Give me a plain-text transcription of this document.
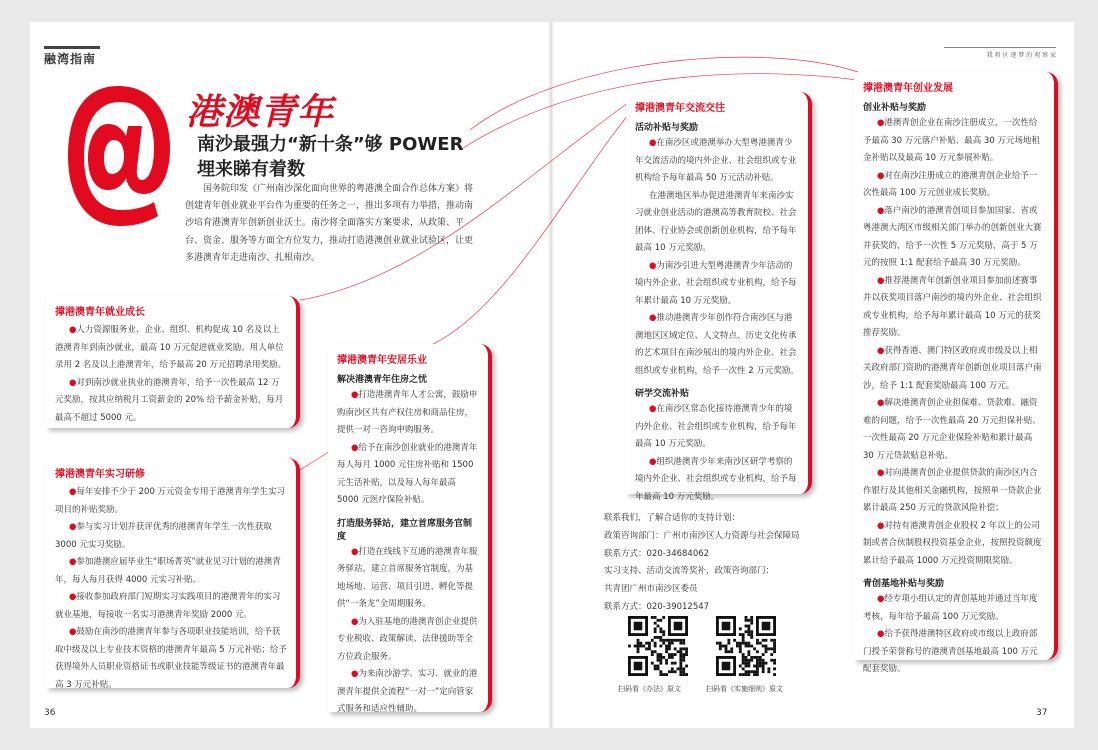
融湾指南	我 将 区 逐 梦 的 观 察 家
港澳青年
南沙最强力“新十条”够 POWER
埋来睇有着数
国务院印发《广州南沙深化面向世界的粤港澳全面合作总体方案》将创建青年创业就业平台作为重要的任务之一，推出多项有力举措，推动南沙培育港澳青年创新创业沃土。南沙将全面落实方案要求，从政策、平台、资金、服务等方面全方位发力，推动打造港澳创业就业试验区，让更多港澳青年走进南沙、扎根南沙。
撑港澳青年就业成长

●人力资源服务业、企业、组织、机构促成 10 名及以上港澳青年到南沙就业，最高 10 万元促进就业奖励。用人单位录用 2 名及以上港澳青年，给予最高 20 万元招聘录用奖励。

●对到南沙就业执业的港澳青年，给予一次性最高 12 万元奖励，按其应纳税月工资薪金的 20% 给予薪金补贴，每月最高不超过 5000 元。

撑港澳青年实习研修

●每年安排不少于 200 万元资金专用于港澳青年学生实习项目的补贴奖励。

●参与实习计划并获评优秀的港澳青年学生一次性获取 3000 元实习奖励。

●参加港澳应届毕业生“职场菁英”就业见习计划的港澳青年，每人每月获得 4000 元实习补贴。

●接收参加政府部门短期实习实践项目的港澳青年的实习就业基地，每接收一名实习港澳青年奖励 2000 元。

●鼓励在南沙的港澳青年参与各项职业技能培训，给予获取中级及以上专业技术资格的港澳青年最高 5 万元补贴；给予获得境外人员职业资格证书或职业技能等级证书的港澳青年最高 3 万元补贴。

撑港澳青年安居乐业
解决港澳青年住房之忧

●打造港澳青年人才公寓，鼓励申购南沙区共有产权住房和商品住房，提供一对一咨询申购服务。

●给予在南沙创业就业的港澳青年每人每月 1000 元住房补贴和 1500 元生活补贴，以及每人每年最高 5000 元医疗保险补贴。

打造服务驿站，建立首席服务官制度

●打造在线线下互通的港澳青年服务驿站，建立首席服务官制度，为基地场地、运营、项目引进、孵化等提供“一条龙”全周期服务。

●为入驻基地的港澳青创企业提供专业税收、政策解读、法律援助等全方位政企服务。

●为来南沙游学、实习、就业的港澳青年提供全流程“一对一”定向管家式服务和适应性辅助。

撑港澳青年交流交往
活动补贴与奖励

●在南沙区或港澳举办大型粤港澳青少年交流活动的境内外企业、社会组织或专业机构给予每年最高 50 万元活动补贴。

在港澳地区举办促进港澳青年来南沙实习就业创业活动的港澳高等教育院校、社会团体、行业协会或创新创业机构，给予每年最高 10 万元奖励。

●为南沙引进大型粤港澳青少年活动的境内外企业、社会组织或专业机构，给予每年累计最高 10 万元奖励。

●推动港澳青少年创作符合南沙区与港澳地区区域定位、人文特点、历史文化传承的艺术项目在南沙展出的境内外企业、社会组织或专业机构，给予一次性 2 万元奖励。

研学交流补贴

●在南沙区常态化接待港澳青少年的境内外企业、社会组织或专业机构，给予每年最高 10 万元奖励。

●组织港澳青少年来南沙区研学考察的境内外企业、社会组织或专业机构，给予每年最高 10 万元奖励。

撑港澳青年创业发展
创业补贴与奖励

●港澳青创企业在南沙注册成立，一次性给予最高 30 万元落户补贴、最高 30 万元场地租金补贴以及最高 10 万元参展补贴。

●对在南沙注册成立的港澳青创企业给予一次性最高 100 万元创业成长奖励。

●落户南沙的港澳青创项目参加国家、省或粤港澳大湾区市级相关部门举办的创新创业大赛并获奖的，给予一次性 5 万元奖励，高于 5 万元的按照 1:1 配套给予最高 30 万元奖励。

●推荐港澳青年创新创业项目参加前述赛事并以获奖项目落户南沙的境内外企业、社会组织或专业机构，给予每年累计最高 10 万元的获奖推荐奖励。

●获得香港、澳门特区政府或市级及以上相关政府部门资助的港澳青年创新创业项目落户南沙，给予 1:1 配套奖励最高 100 万元。

●解决港澳青创企业担保难、贷款难、融资难的问题，给予一次性最高 20 万元担保补贴、一次性最高 20 万元企业保险补贴和累计最高 30 万元贷款贴息补贴。

●对向港澳青创企业提供贷款的南沙区内合作银行及其他相关金融机构，按照单一贷款企业累计最高 250 万元的贷款风险补偿；

●对持有港澳青创企业股权 2 年以上的公司制或者合伙制股权投资基金企业，按照投资额度累计给予最高 1000 万元投资期限奖励。

青创基地补贴与奖励

●经专项小组认定的青创基地并通过当年度考核，每年给予最高 100 万元奖励。

●给予获得港澳特区政府或市级以上政府部门授予荣誉称号的港澳青创基地最高 100 万元配套奖励。

联系我们，了解合适你的支持计划：
政策咨询部门：广州市南沙区人力资源与社会保障局
联系方式：020-34684062
实习支持、活动交流等奖补，政策咨询部门：
共青团广州市南沙区委员
联系方式：020-39012547
扫码看《办法》原文	扫码看《实施细则》原文
36	37
